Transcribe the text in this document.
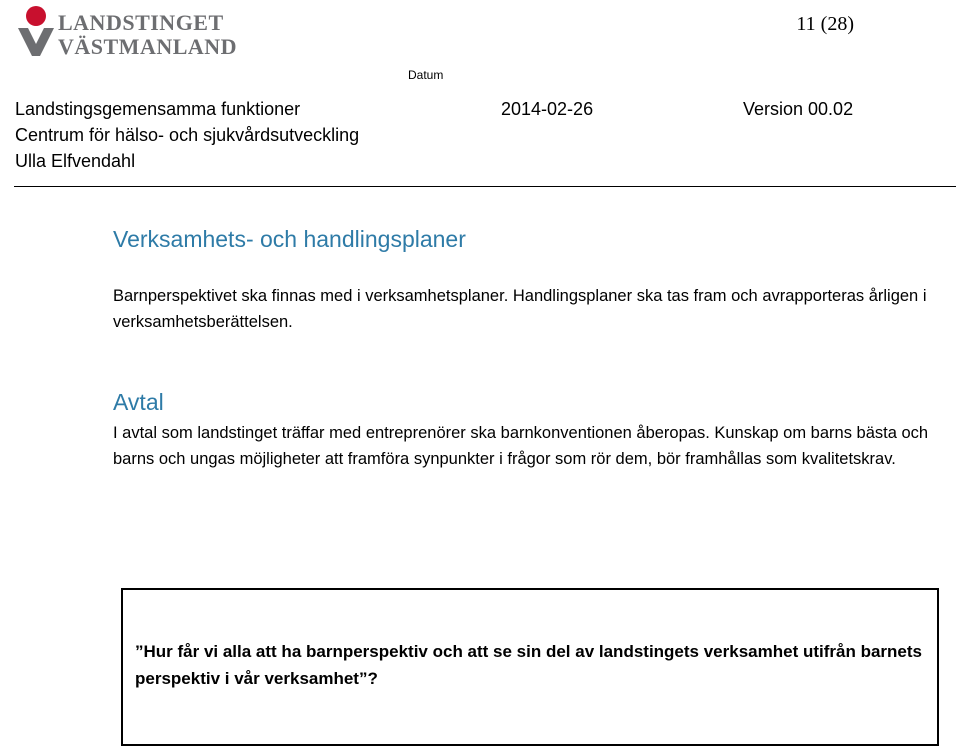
LANDSTINGET
VÄSTMANLAND
11 (28)
Datum
Landstingsgemensamma funktioner	2014-02-26	Version 00.02
Centrum för hälso- och sjukvårdsutveckling
Ulla Elfvendahl
Verksamhets- och handlingsplaner
Barnperspektivet ska finnas med i verksamhetsplaner. Handlingsplaner ska tas fram och avrapporteras årligen i verksamhetsberättelsen.
Avtal
I avtal som landstinget träffar med entreprenörer ska barnkonventionen åberopas. Kunskap om barns bästa och barns och ungas möjligheter att framföra synpunkter i frågor som rör dem, bör framhållas som kvalitetskrav.
”Hur får vi alla att ha barnperspektiv och att se sin del av landstingets verksamhet utifrån barnets perspektiv i vår verksamhet”?
